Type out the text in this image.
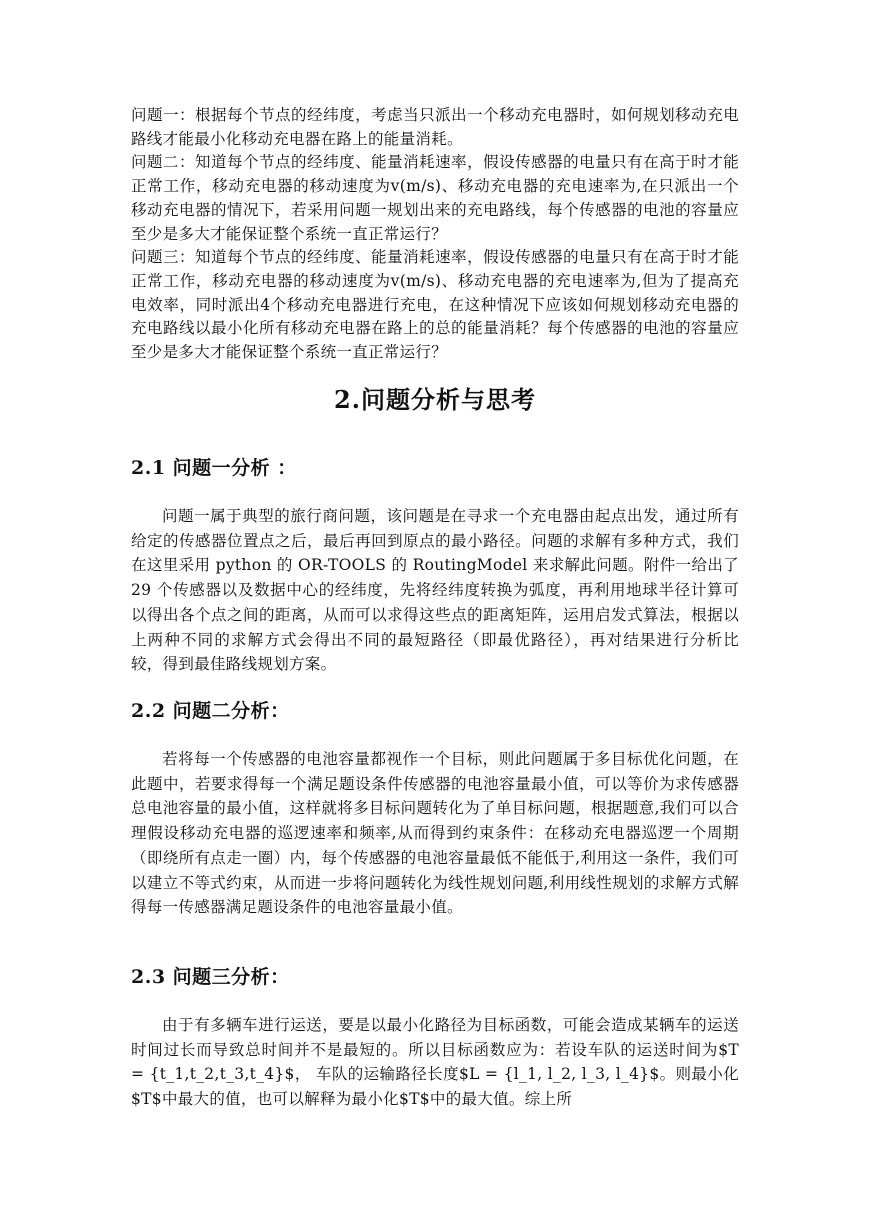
问题一：根据每个节点的经纬度，考虑当只派出一个移动充电器时，如何规划移动充电路线才能最小化移动充电器在路上的能量消耗。

问题二：知道每个节点的经纬度、能量消耗速率，假设传感器的电量只有在高于时才能正常工作，移动充电器的移动速度为v(m/s)、移动充电器的充电速率为,在只派出一个移动充电器的情况下，若采用问题一规划出来的充电路线，每个传感器的电池的容量应至少是多大才能保证整个系统一直正常运行？

问题三：知道每个节点的经纬度、能量消耗速率，假设传感器的电量只有在高于时才能正常工作，移动充电器的移动速度为v(m/s)、移动充电器的充电速率为,但为了提高充电效率，同时派出4个移动充电器进行充电，在这种情况下应该如何规划移动充电器的充电路线以最小化所有移动充电器在路上的总的能量消耗？每个传感器的电池的容量应至少是多大才能保证整个系统一直正常运行？

2.问题分析与思考
2.1 问题一分析 ：

问题一属于典型的旅行商问题，该问题是在寻求一个充电器由起点出发，通过所有给定的传感器位置点之后，最后再回到原点的最小路径。问题的求解有多种方式，我们在这里采用 python 的 OR-TOOLS 的 RoutingModel 来求解此问题。附件一给出了 29 个传感器以及数据中心的经纬度，先将经纬度转换为弧度，再利用地球半径计算可以得出各个点之间的距离，从而可以求得这些点的距离矩阵，运用启发式算法，根据以上两种不同的求解方式会得出不同的最短路径（即最优路径），再对结果进行分析比较，得到最佳路线规划方案。

2.2 问题二分析：

若将每一个传感器的电池容量都视作一个目标，则此问题属于多目标优化问题，在此题中，若要求得每一个满足题设条件传感器的电池容量最小值，可以等价为求传感器总电池容量的最小值，这样就将多目标问题转化为了单目标问题，根据题意,我们可以合理假设移动充电器的巡逻速率和频率,从而得到约束条件：在移动充电器巡逻一个周期（即绕所有点走一圈）内，每个传感器的电池容量最低不能低于,利用这一条件，我们可以建立不等式约束，从而进一步将问题转化为线性规划问题,利用线性规划的求解方式解得每一传感器满足题设条件的电池容量最小值。

2.3 问题三分析：

由于有多辆车进行运送，要是以最小化路径为目标函数，可能会造成某辆车的运送时间过长而导致总时间并不是最短的。所以目标函数应为：若设车队的运送时间为$T = {t_1,t_2,t_3,t_4}$， 车队的运输路径长度$L = {l_1, l_2, l_3, l_4}$。则最小化$T$中最大的值，也可以解释为最小化$T$中的最大值。综上所
